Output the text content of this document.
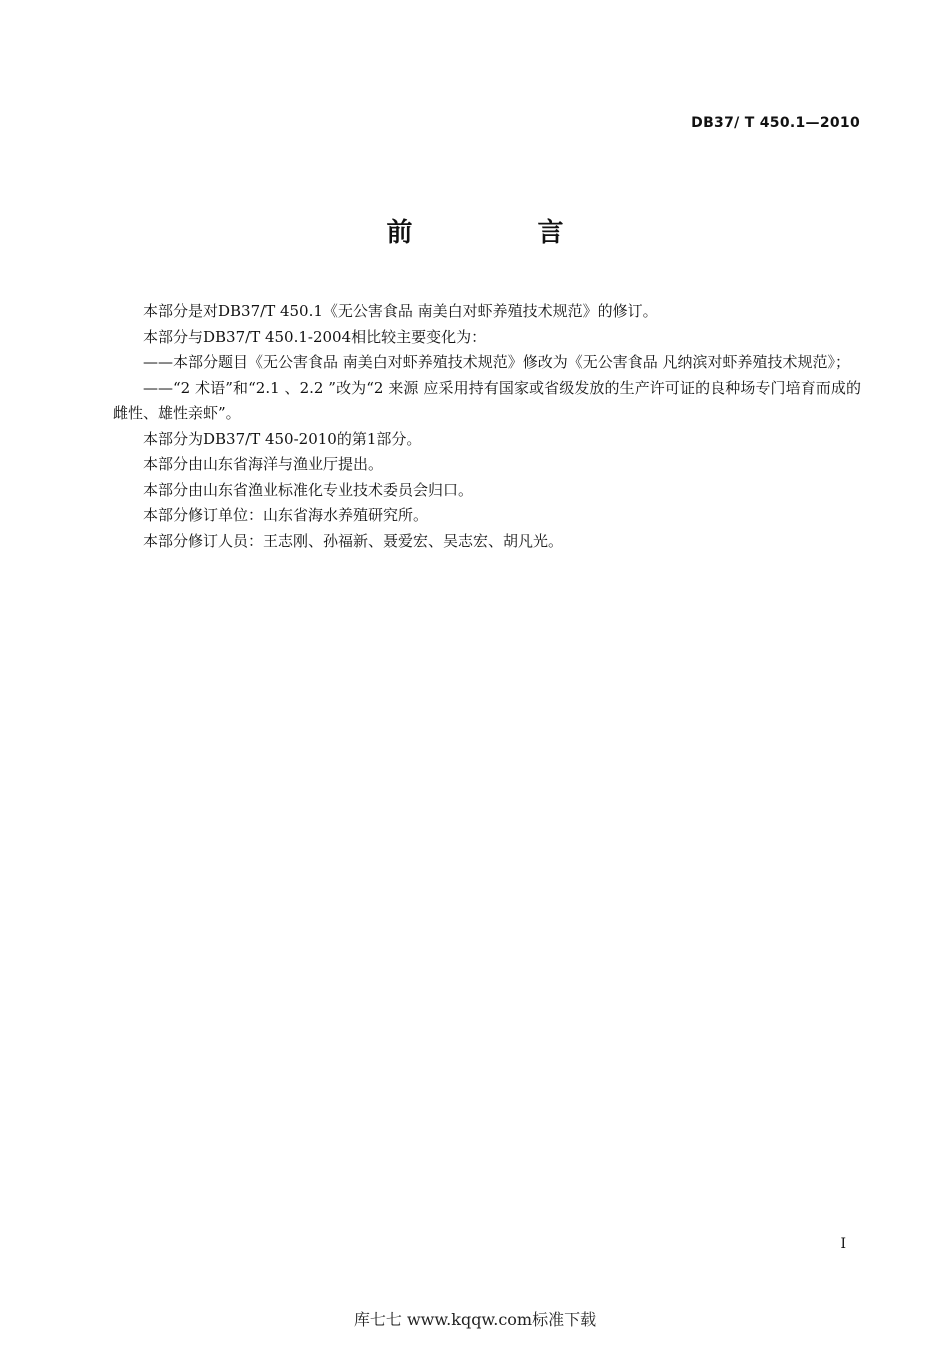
DB37/ T 450.1—2010
前 言

本部分是对DB37/T 450.1《无公害食品 南美白对虾养殖技术规范》的修订。

本部分与DB37/T 450.1-2004相比较主要变化为：

——本部分题目《无公害食品 南美白对虾养殖技术规范》修改为《无公害食品 凡纳滨对虾养殖技术规范》；

——“2 术语”和“2.1 、2.2 ”改为“2 来源 应采用持有国家或省级发放的生产许可证的良种场专门培育而成的雌性、雄性亲虾”。

本部分为DB37/T 450-2010的第1部分。

本部分由山东省海洋与渔业厅提出。

本部分由山东省渔业标准化专业技术委员会归口。

本部分修订单位：山东省海水养殖研究所。

本部分修订人员：王志刚、孙福新、聂爱宏、吴志宏、胡凡光。

I
库七七 www.kqqw.com标准下载
